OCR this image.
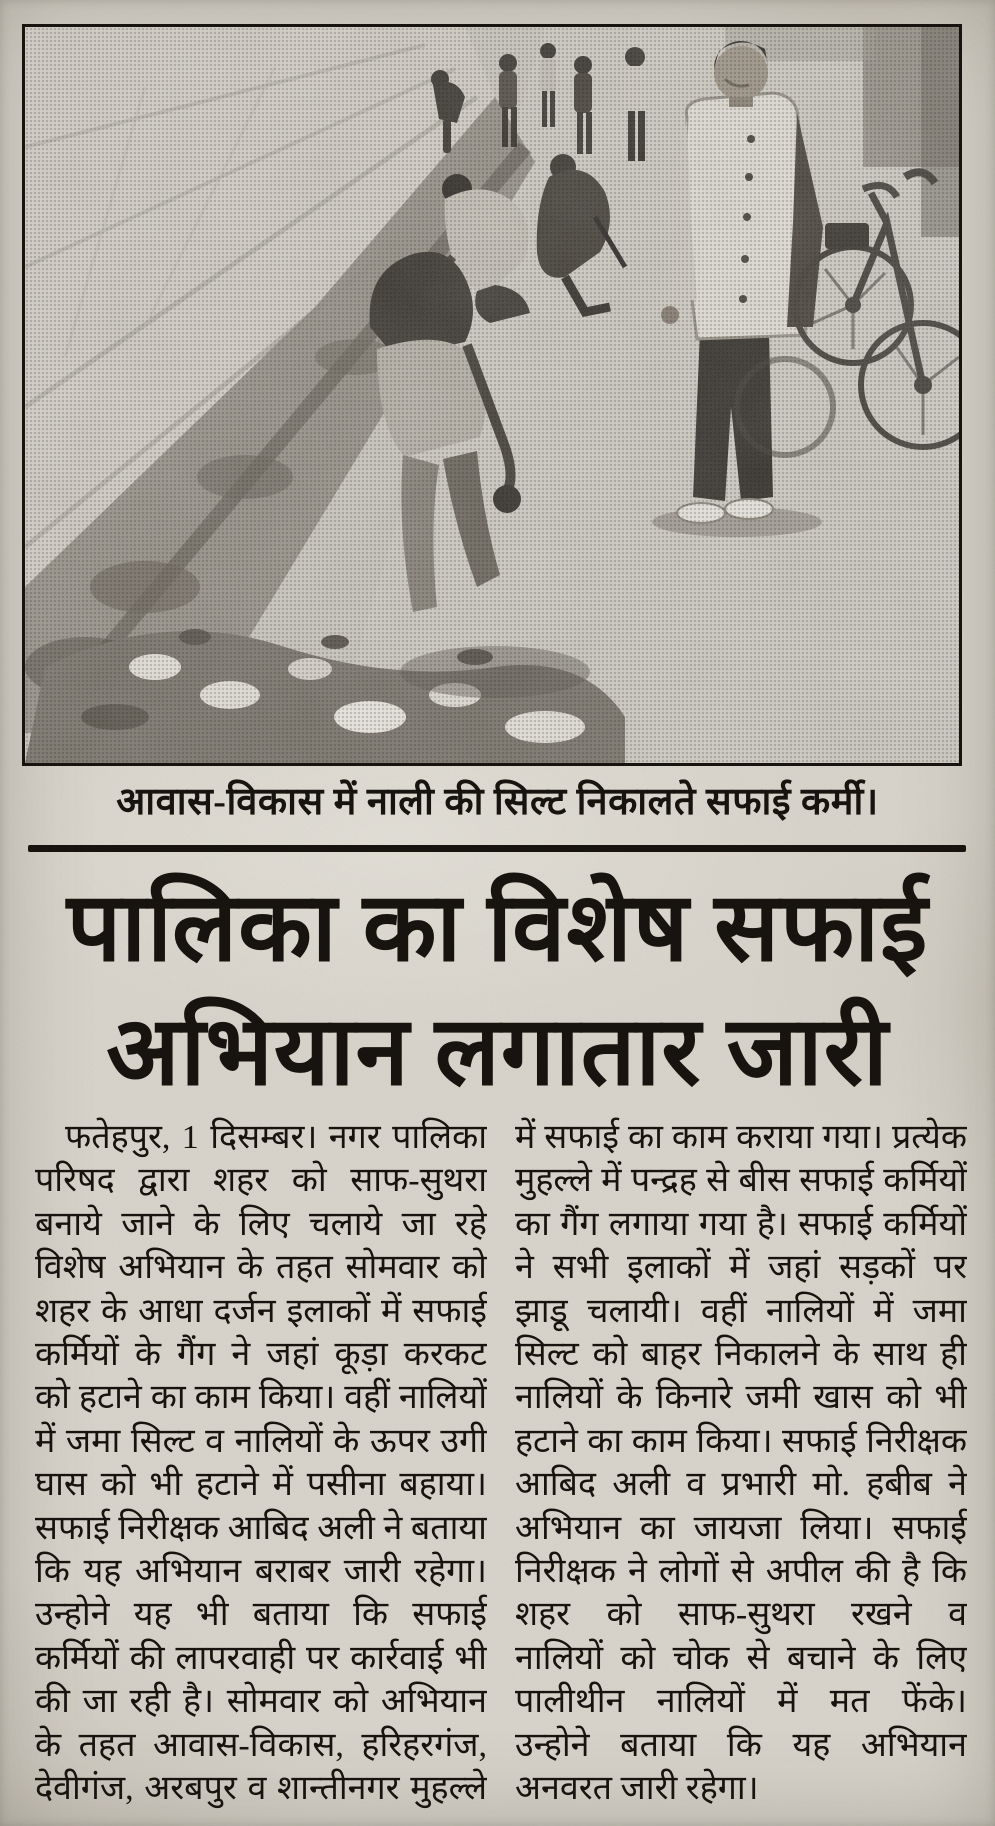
आवास-विकास में नाली की सिल्ट निकालते सफाई कर्मी।
पालिका का विशेष सफाई
अभियान लगातार जारी
फतेहपुर, 1 दिसम्बर। नगर पालिका
परिषद द्वारा शहर को साफ-सुथरा
बनाये जाने के लिए चलाये जा रहे
विशेष अभियान के तहत सोमवार को
शहर के आधा दर्जन इलाकों में सफाई
कर्मियों के गैंग ने जहां कूड़ा करकट
को हटाने का काम किया। वहीं नालियों
में जमा सिल्ट व नालियों के ऊपर उगी
घास को भी हटाने में पसीना बहाया।
सफाई निरीक्षक आबिद अली ने बताया
कि यह अभियान बराबर जारी रहेगा।
उन्होने यह भी बताया कि सफाई
कर्मियों की लापरवाही पर कार्रवाई भी
की जा रही है। सोमवार को अभियान
के तहत आवास-विकास, हरिहरगंज,
देवीगंज, अरबपुर व शान्तीनगर मुहल्ले
में सफाई का काम कराया गया। प्रत्येक
मुहल्ले में पन्द्रह से बीस सफाई कर्मियों
का गैंग लगाया गया है। सफाई कर्मियों
ने सभी इलाकों में जहां सड़कों पर
झाडू चलायी। वहीं नालियों में जमा
सिल्ट को बाहर निकालने के साथ ही
नालियों के किनारे जमी खास को भी
हटाने का काम किया। सफाई निरीक्षक
आबिद अली व प्रभारी मो. हबीब ने
अभियान का जायजा लिया। सफाई
निरीक्षक ने लोगों से अपील की है कि
शहर को साफ-सुथरा रखने व
नालियों को चोक से बचाने के लिए
पालीथीन नालियों में मत फेंके।
उन्होने बताया कि यह अभियान
अनवरत जारी रहेगा।
